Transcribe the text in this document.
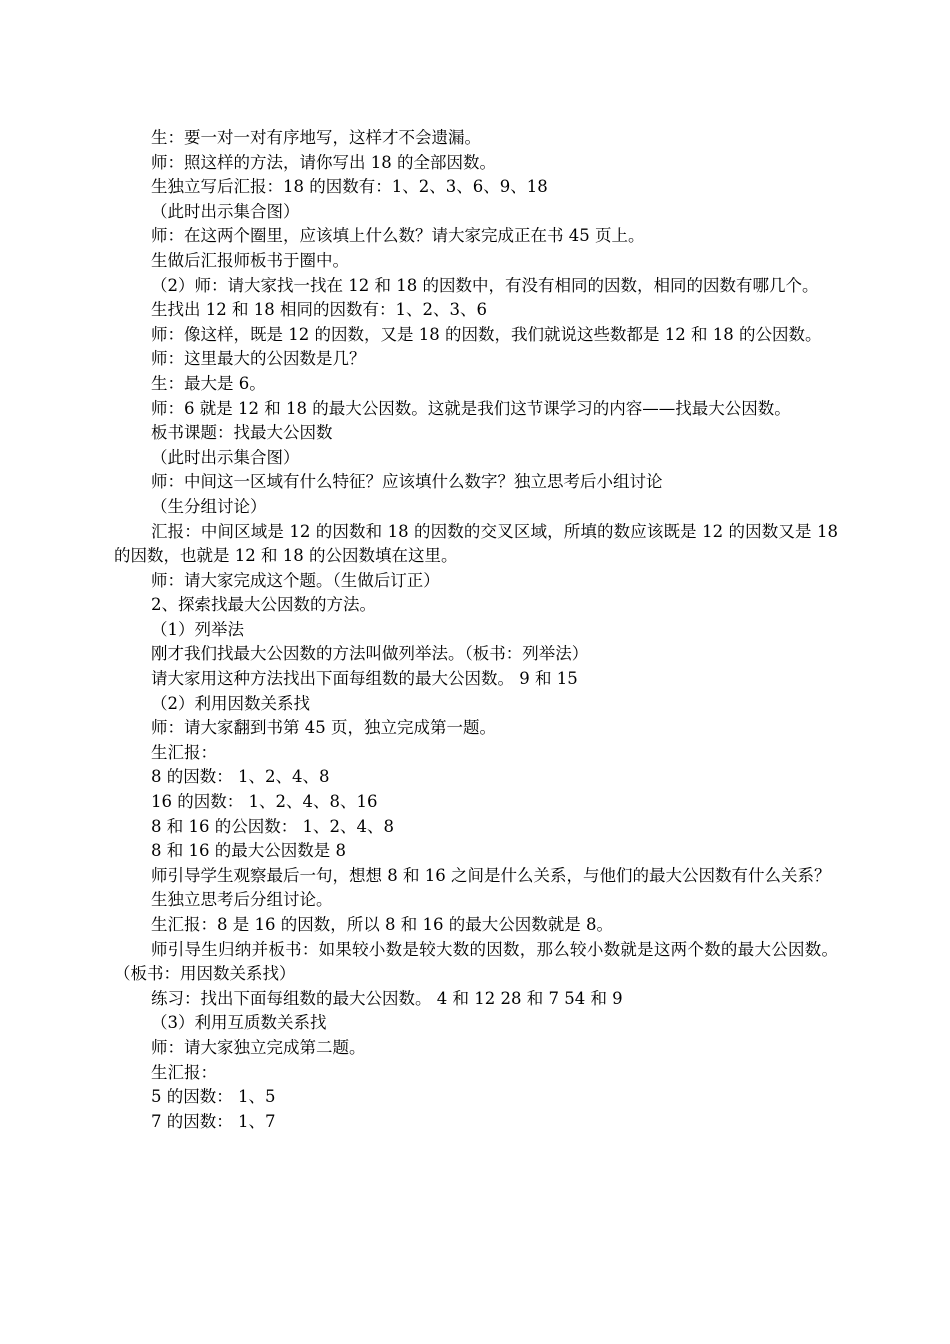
生：要一对一对有序地写，这样才不会遗漏。
师：照这样的方法，请你写出 18 的全部因数。
生独立写后汇报：18 的因数有：1、2、3、6、9、18
（此时出示集合图）
师：在这两个圈里，应该填上什么数？请大家完成正在书 45 页上。
生做后汇报师板书于圈中。
（2）师：请大家找一找在 12 和 18 的因数中，有没有相同的因数，相同的因数有哪几个。
生找出 12 和 18 相同的因数有：1、2、3、6
师：像这样，既是 12 的因数，又是 18 的因数，我们就说这些数都是 12 和 18 的公因数。
师：这里最大的公因数是几？
生：最大是 6。
师：6 就是 12 和 18 的最大公因数。这就是我们这节课学习的内容——找最大公因数。
板书课题：找最大公因数
（此时出示集合图）
师：中间这一区域有什么特征？应该填什么数字？独立思考后小组讨论
（生分组讨论）
汇报：中间区域是 12 的因数和 18 的因数的交叉区域，所填的数应该既是 12 的因数又是 18 的因数，也就是 12 和 18 的公因数填在这里。
师：请大家完成这个题。（生做后订正）
2、探索找最大公因数的方法。
（1）列举法
刚才我们找最大公因数的方法叫做列举法。（板书：列举法）
请大家用这种方法找出下面每组数的最大公因数。 9 和 15
（2）利用因数关系找
师：请大家翻到书第 45 页，独立完成第一题。
生汇报：
8 的因数： 1、2、4、8
16 的因数： 1、2、4、8、16
8 和 16 的公因数： 1、2、4、8
8 和 16 的最大公因数是 8
师引导学生观察最后一句，想想 8 和 16 之间是什么关系，与他们的最大公因数有什么关系？
生独立思考后分组讨论。
生汇报：8 是 16 的因数，所以 8 和 16 的最大公因数就是 8。
师引导生归纳并板书：如果较小数是较大数的因数，那么较小数就是这两个数的最大公因数。（板书：用因数关系找）
练习：找出下面每组数的最大公因数。 4 和 12 28 和 7 54 和 9
（3）利用互质数关系找
师：请大家独立完成第二题。
生汇报：
5 的因数： 1、5
7 的因数： 1、7
